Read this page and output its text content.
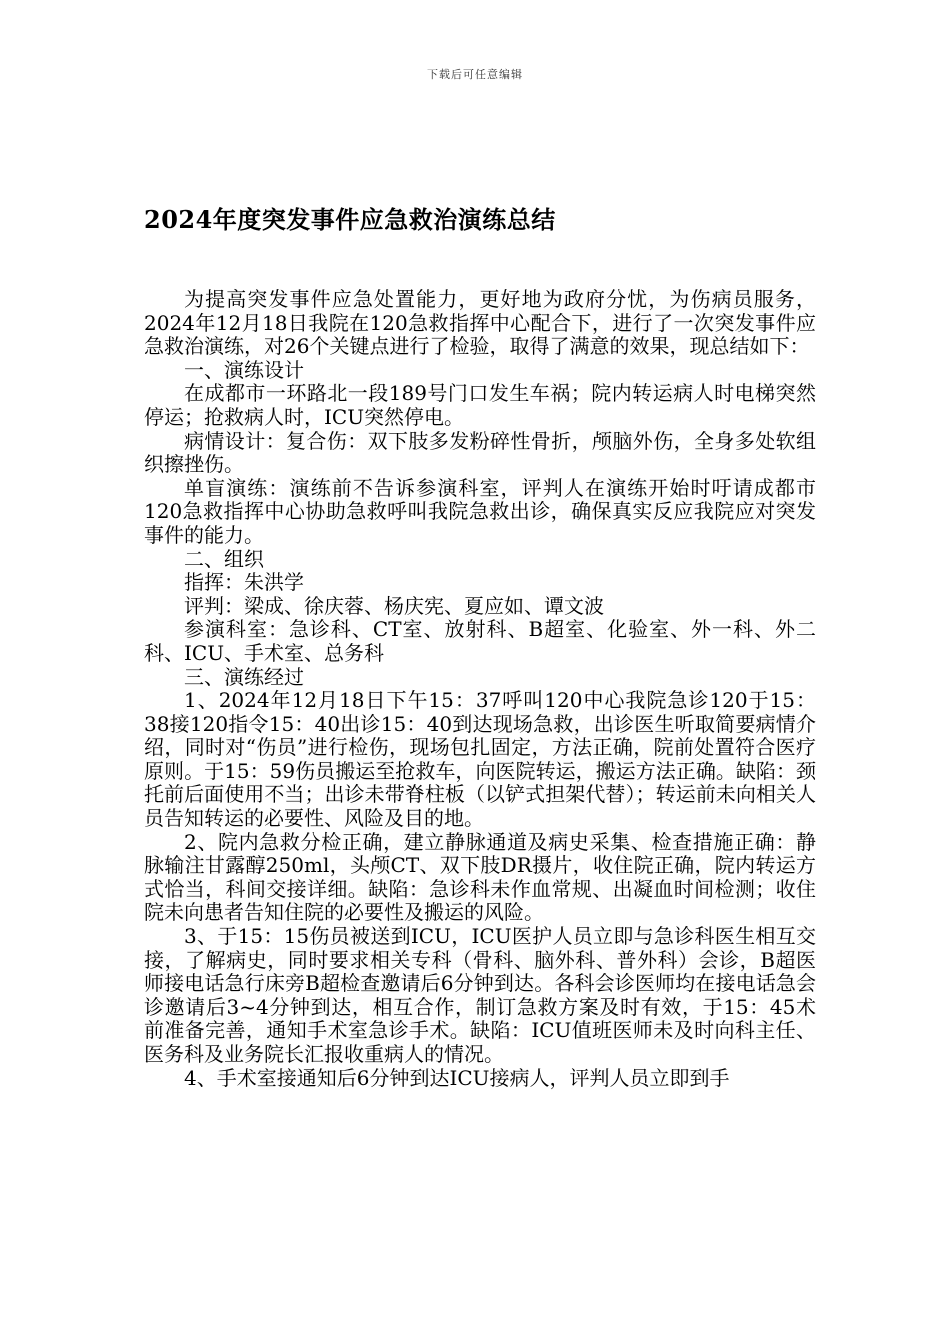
下载后可任意编辑
2024年度突发事件应急救治演练总结

为提高突发事件应急处置能力，更好地为政府分忧，为伤病员服务，2024年12月18日我院在120急救指挥中心配合下，进行了一次突发事件应急救治演练，对26个关键点进行了检验，取得了满意的效果，现总结如下：

一、演练设计

在成都市一环路北一段189号门口发生车祸；院内转运病人时电梯突然停运；抢救病人时，ICU突然停电。

病情设计：复合伤：双下肢多发粉碎性骨折，颅脑外伤，全身多处软组织擦挫伤。

单盲演练：演练前不告诉参演科室，评判人在演练开始时吁请成都市120急救指挥中心协助急救呼叫我院急救出诊，确保真实反应我院应对突发事件的能力。

二、组织

指挥：朱洪学

评判：梁成、徐庆蓉、杨庆宪、夏应如、谭文波

参演科室：急诊科、CT室、放射科、B超室、化验室、外一科、外二科、ICU、手术室、总务科

三、演练经过

1、2024年12月18日下午15：37呼叫120中心我院急诊120于15：38接120指令15：40出诊15：40到达现场急救，出诊医生听取简要病情介绍，同时对“伤员”进行检伤，现场包扎固定，方法正确，院前处置符合医疗原则。于15：59伤员搬运至抢救车，向医院转运，搬运方法正确。缺陷：颈托前后面使用不当；出诊未带脊柱板（以铲式担架代替）；转运前未向相关人员告知转运的必要性、风险及目的地。

2、院内急救分检正确，建立静脉通道及病史采集、检查措施正确：静脉输注甘露醇250ml，头颅CT、双下肢DR摄片，收住院正确，院内转运方式恰当，科间交接详细。缺陷：急诊科未作血常规、出凝血时间检测；收住院未向患者告知住院的必要性及搬运的风险。

3、于15：15伤员被送到ICU，ICU医护人员立即与急诊科医生相互交接，了解病史，同时要求相关专科（骨科、脑外科、普外科）会诊，B超医师接电话急行床旁B超检查邀请后6分钟到达。各科会诊医师均在接电话急会诊邀请后3~4分钟到达，相互合作，制订急救方案及时有效，于15：45术前准备完善，通知手术室急诊手术。缺陷：ICU值班医师未及时向科主任、医务科及业务院长汇报收重病人的情况。

4、手术室接通知后6分钟到达ICU接病人，评判人员立即到手
